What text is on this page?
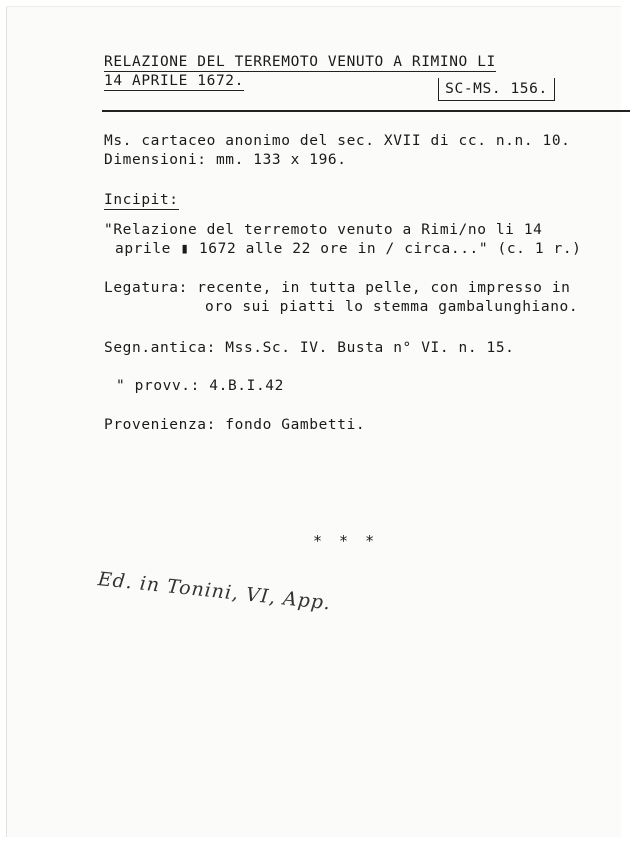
RELAZIONE DEL TERREMOTO VENUTO A RIMINO LI
14 APRILE 1672.	SC-MS. 156.
Ms. cartaceo anonimo del sec. XVII di cc. n.n. 10.
Dimensioni: mm. 133 x 196.
Incipit:
"Relazione del terremoto venuto a Rimi/no li 14
aprile ▮ 1672 alle 22 ore in / circa..." (c. 1 r.)
Legatura: recente, in tutta pelle, con impresso in
oro sui piatti lo stemma gambalunghiano.
Segn.antica: Mss.Sc. IV. Busta n° VI. n. 15.
" provv.: 4.B.I.42
Provenienza: fondo Gambetti.
* * *
Ed. in Tonini, VI, App.
